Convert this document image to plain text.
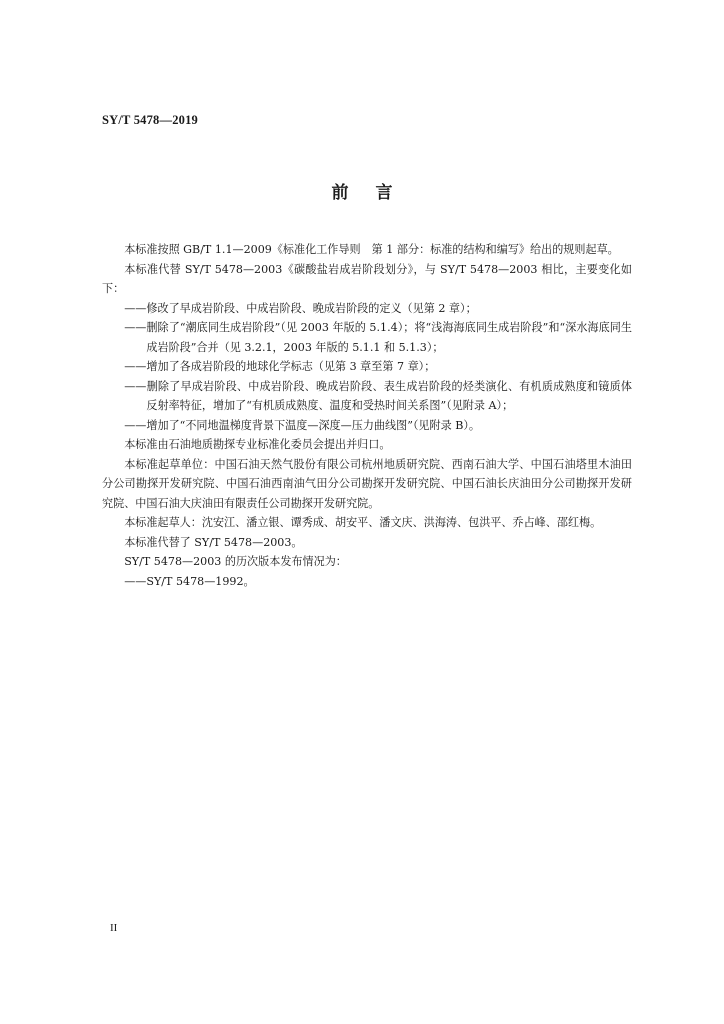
SY/T 5478—2019
前言

本标准按照 GB/T 1.1—2009《标准化工作导则　第 1 部分：标准的结构和编写》给出的规则起草。

本标准代替 SY/T 5478—2003《碳酸盐岩成岩阶段划分》，与 SY/T 5478—2003 相比，主要变化如下：

——修改了早成岩阶段、中成岩阶段、晚成岩阶段的定义（见第 2 章）；

——删除了“潮底同生成岩阶段”（见 2003 年版的 5.1.4）；将“浅海海底同生成岩阶段”和“深水海底同生成岩阶段”合并（见 3.2.1，2003 年版的 5.1.1 和 5.1.3）；

——增加了各成岩阶段的地球化学标志（见第 3 章至第 7 章）；

——删除了早成岩阶段、中成岩阶段、晚成岩阶段、表生成岩阶段的烃类演化、有机质成熟度和镜质体反射率特征，增加了“有机质成熟度、温度和受热时间关系图”（见附录 A）；

——增加了“不同地温梯度背景下温度—深度—压力曲线图”（见附录 B）。

本标准由石油地质勘探专业标准化委员会提出并归口。

本标准起草单位：中国石油天然气股份有限公司杭州地质研究院、西南石油大学、中国石油塔里木油田分公司勘探开发研究院、中国石油西南油气田分公司勘探开发研究院、中国石油长庆油田分公司勘探开发研究院、中国石油大庆油田有限责任公司勘探开发研究院。

本标准起草人：沈安江、潘立银、谭秀成、胡安平、潘文庆、洪海涛、包洪平、乔占峰、邵红梅。

本标准代替了 SY/T 5478—2003。

SY/T 5478—2003 的历次版本发布情况为：

——SY/T 5478—1992。

II
